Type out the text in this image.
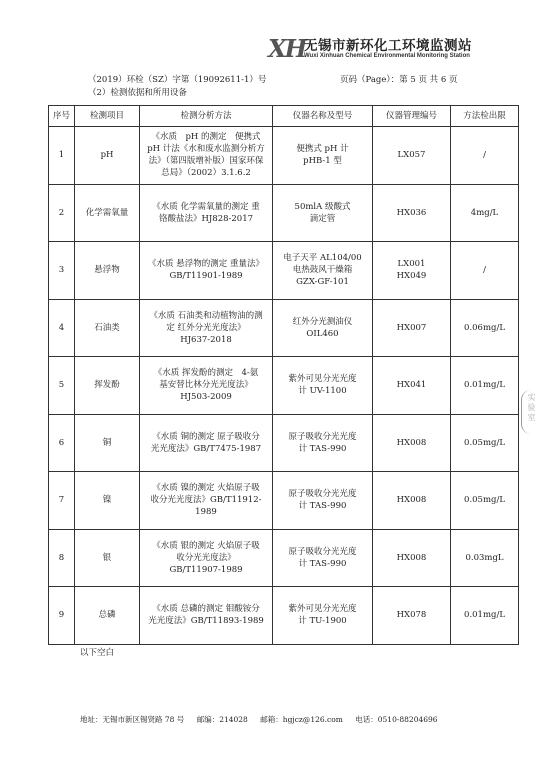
XH
无锡市新环化工环境监测站
Wuxi Xinhuan Chemical Environmental Monitoring Station
（2019）环检（SZ）字第（19092611-1）号	页码（Page）：第 5 页 共 6 页
（2）检测依据和所用设备
序号	检测项目	检测分析方法	仪器名称及型号	仪器管理编号	方法检出限
1	pH	《水质　pH 的测定　便携式
pH 计法《水和废水监测分析方
法》（第四版增补版）国家环保
总局》（2002）3.1.6.2	便携式 pH 计
pHB-1 型	LX057	/
2	化学需氧量	《水质 化学需氧量的测定 重
铬酸盐法》HJ828-2017	50mlA 级酸式
滴定管	HX036	4mg/L
3	悬浮物	《水质 悬浮物的测定 重量法》
GB/T11901-1989	电子天平 AL104/00
电热鼓风干燥箱
GZX-GF-101	LX001
HX049	/
4	石油类	《水质 石油类和动植物油的测
定 红外分光光度法》
HJ637-2018	红外分光测油仪
OIL460	HX007	0.06mg/L
5	挥发酚	《水质 挥发酚的测定　4-氨
基安替比林分光光度法》
HJ503-2009	紫外可见分光光度
计 UV-1100	HX041	0.01mg/L
6	铜	《水质 铜的测定 原子吸收分
光光度法》GB/T7475-1987	原子吸收分光光度
计 TAS-990	HX008	0.05mg/L
7	镍	《水质 镍的测定 火焰原子吸
收分光光度法》GB/T11912-1989	原子吸收分光光度
计 TAS-990	HX008	0.05mg/L
8	银	《水质 银的测定 火焰原子吸
收分光光度法》
GB/T11907-1989	原子吸收分光光度
计 TAS-990	HX008	0.03mgL
9	总磷	《水质 总磷的测定 钼酸铵分
光光度法》GB/T11893-1989	紫外可见分光光度
计 TU-1900	HX078	0.01mg/L
以下空白
地址：无锡市新区锡贤路 78 号 邮编：214028 邮箱：hgjcz@126.com 电话：0510-88204696
实验室
